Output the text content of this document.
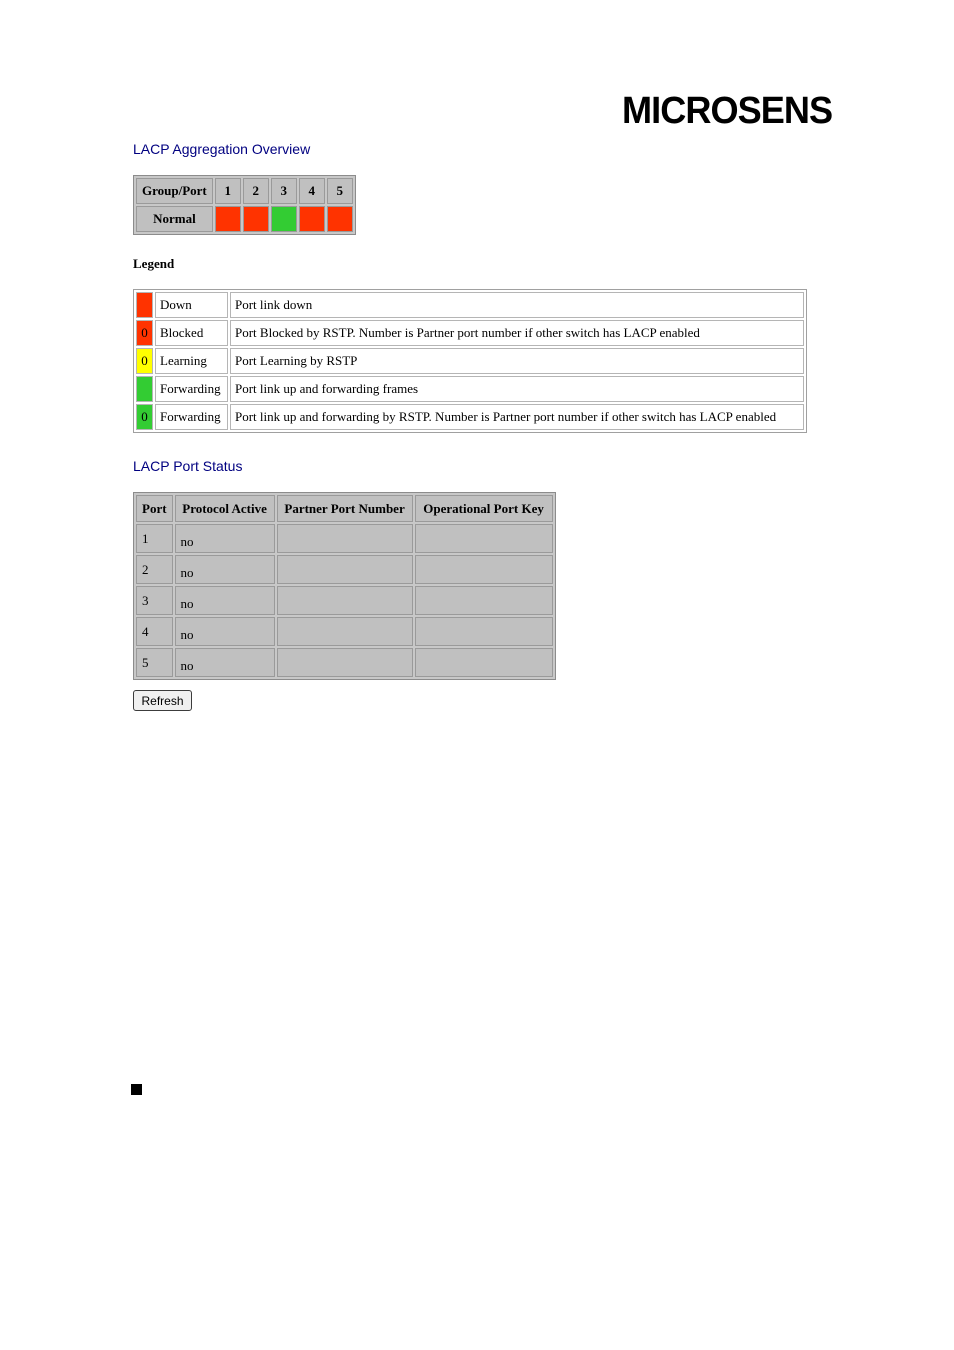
MICROSENS
LACP Aggregation Overview
Group/Port	1	2	3	4	5
Normal					
Legend
	Down	Port link down
0	Blocked	Port Blocked by RSTP. Number is Partner port number if other switch has LACP enabled
0	Learning	Port Learning by RSTP
	Forwarding	Port link up and forwarding frames
0	Forwarding	Port link up and forwarding by RSTP. Number is Partner port number if other switch has LACP enabled
LACP Port Status
Port	Protocol Active	Partner Port Number	Operational Port Key
1	no		
2	no		
3	no		
4	no		
5	no		
Refresh
